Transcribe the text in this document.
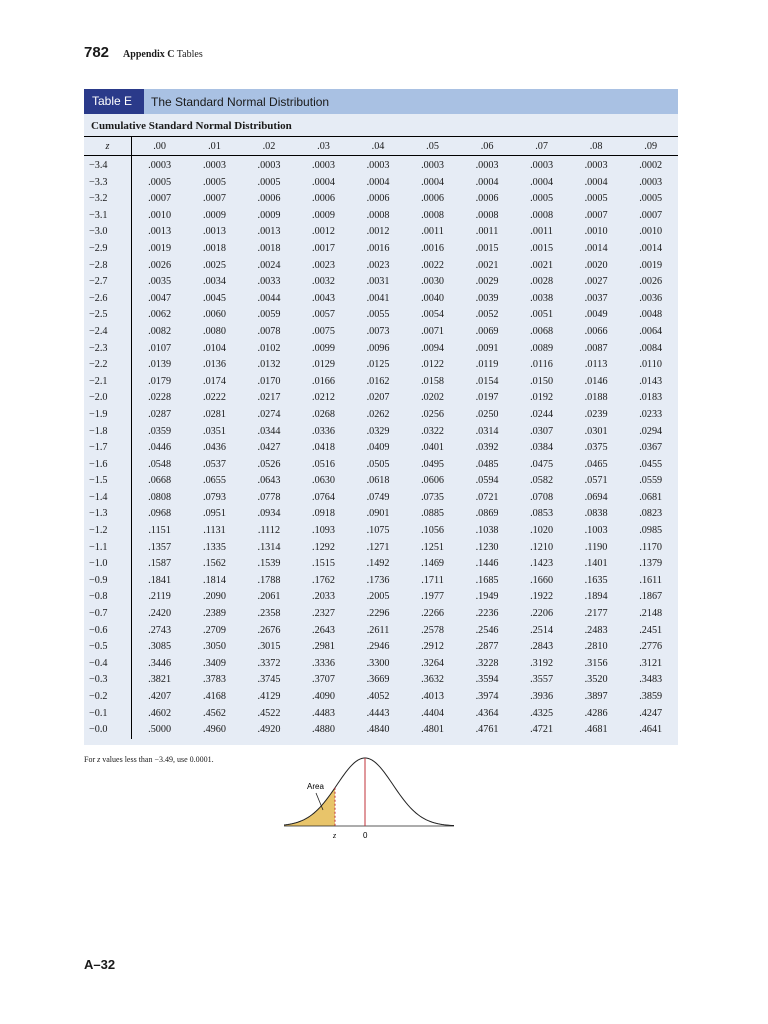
782 Appendix C Tables
Table E	The Standard Normal Distribution
Cumulative Standard Normal Distribution
z	.00	.01	.02	.03	.04	.05	.06	.07	.08	.09
−3.4	.0003	.0003	.0003	.0003	.0003	.0003	.0003	.0003	.0003	.0002
−3.3	.0005	.0005	.0005	.0004	.0004	.0004	.0004	.0004	.0004	.0003
−3.2	.0007	.0007	.0006	.0006	.0006	.0006	.0006	.0005	.0005	.0005
−3.1	.0010	.0009	.0009	.0009	.0008	.0008	.0008	.0008	.0007	.0007
−3.0	.0013	.0013	.0013	.0012	.0012	.0011	.0011	.0011	.0010	.0010
−2.9	.0019	.0018	.0018	.0017	.0016	.0016	.0015	.0015	.0014	.0014
−2.8	.0026	.0025	.0024	.0023	.0023	.0022	.0021	.0021	.0020	.0019
−2.7	.0035	.0034	.0033	.0032	.0031	.0030	.0029	.0028	.0027	.0026
−2.6	.0047	.0045	.0044	.0043	.0041	.0040	.0039	.0038	.0037	.0036
−2.5	.0062	.0060	.0059	.0057	.0055	.0054	.0052	.0051	.0049	.0048
−2.4	.0082	.0080	.0078	.0075	.0073	.0071	.0069	.0068	.0066	.0064
−2.3	.0107	.0104	.0102	.0099	.0096	.0094	.0091	.0089	.0087	.0084
−2.2	.0139	.0136	.0132	.0129	.0125	.0122	.0119	.0116	.0113	.0110
−2.1	.0179	.0174	.0170	.0166	.0162	.0158	.0154	.0150	.0146	.0143
−2.0	.0228	.0222	.0217	.0212	.0207	.0202	.0197	.0192	.0188	.0183
−1.9	.0287	.0281	.0274	.0268	.0262	.0256	.0250	.0244	.0239	.0233
−1.8	.0359	.0351	.0344	.0336	.0329	.0322	.0314	.0307	.0301	.0294
−1.7	.0446	.0436	.0427	.0418	.0409	.0401	.0392	.0384	.0375	.0367
−1.6	.0548	.0537	.0526	.0516	.0505	.0495	.0485	.0475	.0465	.0455
−1.5	.0668	.0655	.0643	.0630	.0618	.0606	.0594	.0582	.0571	.0559
−1.4	.0808	.0793	.0778	.0764	.0749	.0735	.0721	.0708	.0694	.0681
−1.3	.0968	.0951	.0934	.0918	.0901	.0885	.0869	.0853	.0838	.0823
−1.2	.1151	.1131	.1112	.1093	.1075	.1056	.1038	.1020	.1003	.0985
−1.1	.1357	.1335	.1314	.1292	.1271	.1251	.1230	.1210	.1190	.1170
−1.0	.1587	.1562	.1539	.1515	.1492	.1469	.1446	.1423	.1401	.1379
−0.9	.1841	.1814	.1788	.1762	.1736	.1711	.1685	.1660	.1635	.1611
−0.8	.2119	.2090	.2061	.2033	.2005	.1977	.1949	.1922	.1894	.1867
−0.7	.2420	.2389	.2358	.2327	.2296	.2266	.2236	.2206	.2177	.2148
−0.6	.2743	.2709	.2676	.2643	.2611	.2578	.2546	.2514	.2483	.2451
−0.5	.3085	.3050	.3015	.2981	.2946	.2912	.2877	.2843	.2810	.2776
−0.4	.3446	.3409	.3372	.3336	.3300	.3264	.3228	.3192	.3156	.3121
−0.3	.3821	.3783	.3745	.3707	.3669	.3632	.3594	.3557	.3520	.3483
−0.2	.4207	.4168	.4129	.4090	.4052	.4013	.3974	.3936	.3897	.3859
−0.1	.4602	.4562	.4522	.4483	.4443	.4404	.4364	.4325	.4286	.4247
−0.0	.5000	.4960	.4920	.4880	.4840	.4801	.4761	.4721	.4681	.4641
For z values less than −3.49, use 0.0001.
Area
z	0
A–32
